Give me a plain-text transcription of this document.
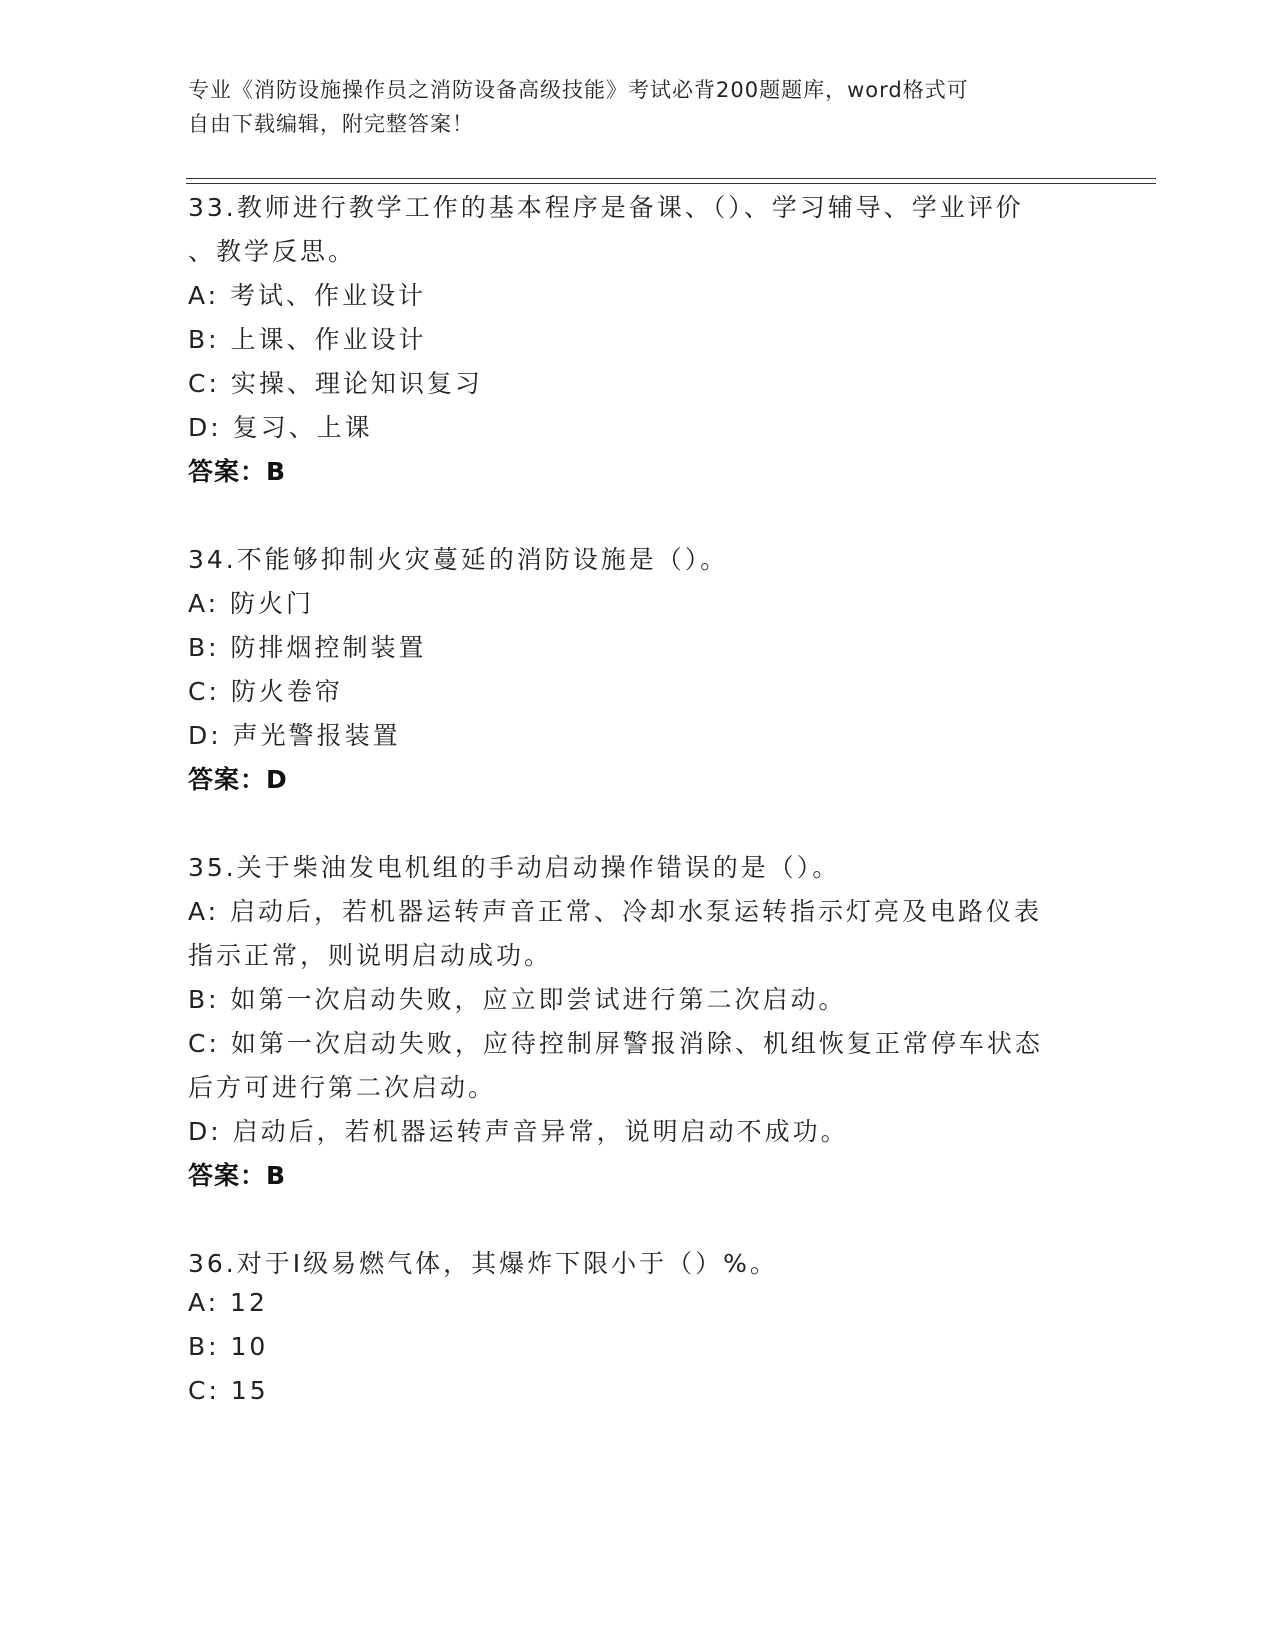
专业《消防设施操作员之消防设备高级技能》考试必背200题题库，word格式可
自由下载编辑，附完整答案！
33.教师进行教学工作的基本程序是备课、（）、学习辅导、学业评价
、教学反思。
A: 考试、作业设计
B: 上课、作业设计
C: 实操、理论知识复习
D: 复习、上课
答案：B
34.不能够抑制火灾蔓延的消防设施是（）。
A: 防火门
B: 防排烟控制装置
C: 防火卷帘
D: 声光警报装置
答案：D
35.关于柴油发电机组的手动启动操作错误的是（）。
A: 启动后，若机器运转声音正常、冷却水泵运转指示灯亮及电路仪表
指示正常，则说明启动成功。
B: 如第一次启动失败，应立即尝试进行第二次启动。
C: 如第一次启动失败，应待控制屏警报消除、机组恢复正常停车状态
后方可进行第二次启动。
D: 启动后，若机器运转声音异常，说明启动不成功。
答案：B
36.对于Ⅰ级易燃气体，其爆炸下限小于（）%。
A: 12
B: 10
C: 15
